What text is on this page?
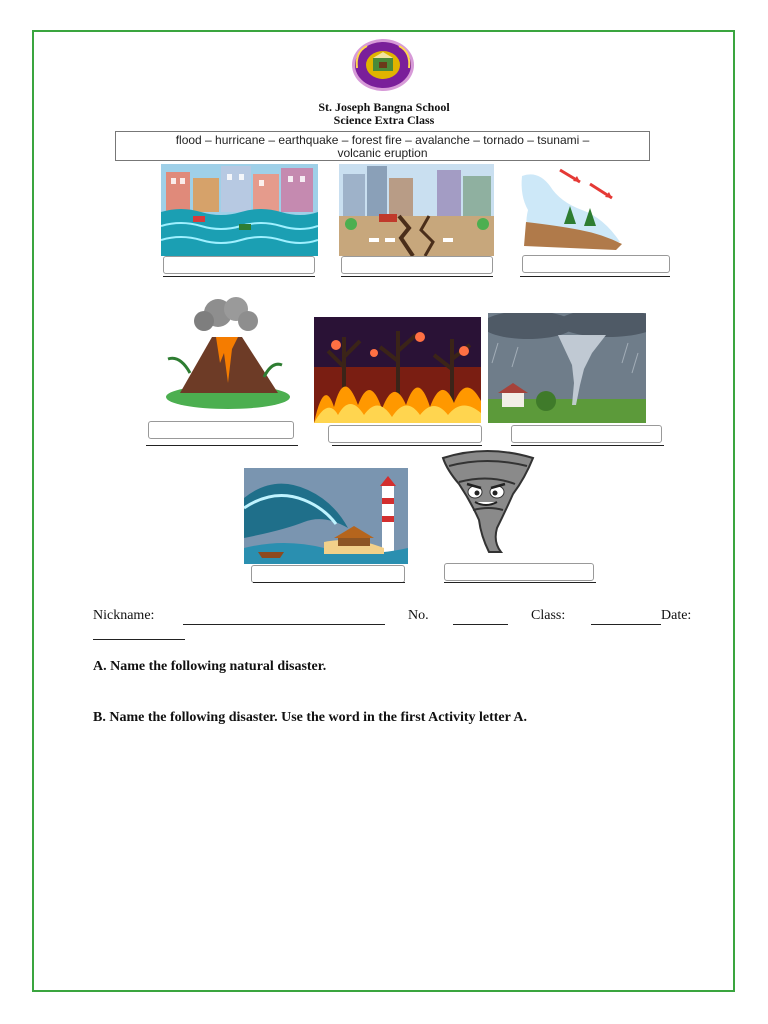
St. Joseph Bangna School
Science Extra Class
flood – hurricane – earthquake – forest fire – avalanche – tornado – tsunami –
volcanic eruption
Nickname:	No.	Class:	Date:
A. Name the following natural disaster.
B. Name the following disaster. Use the word in the first Activity letter A.
